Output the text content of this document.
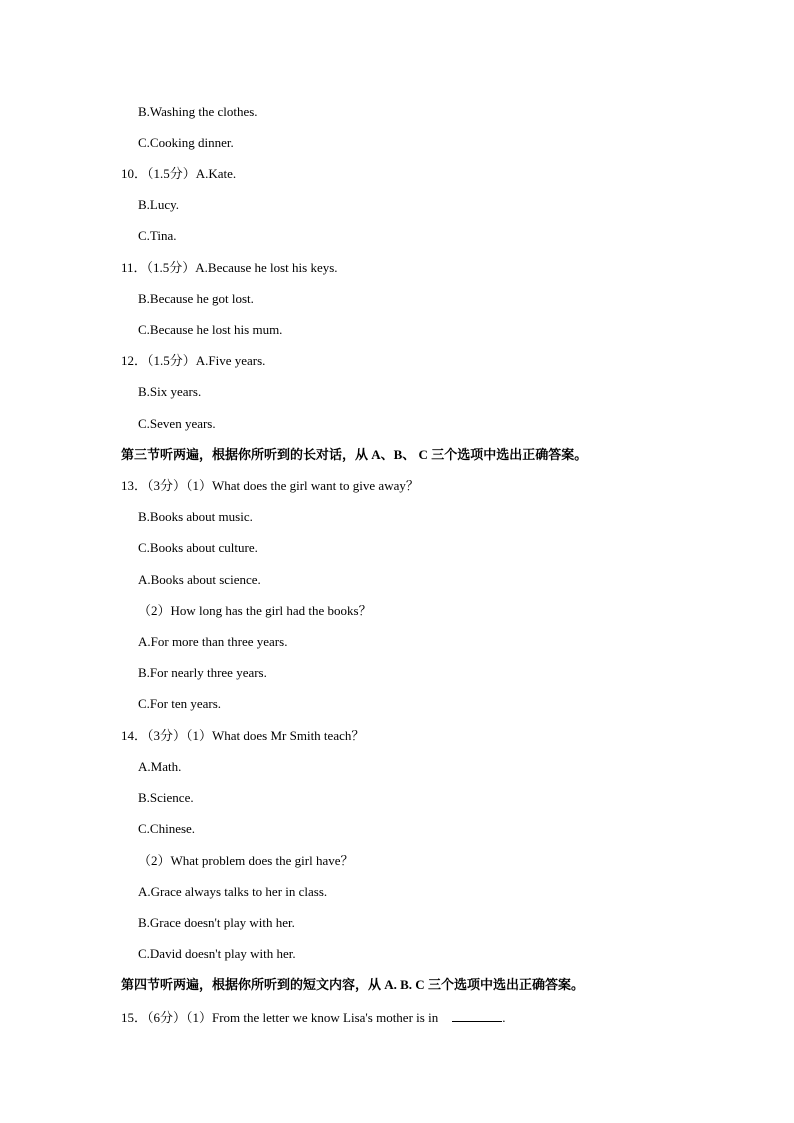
B.Washing the clothes.
C.Cooking dinner.
10．（1.5分）A.Kate.
B.Lucy.
C.Tina.
11．（1.5分）A.Because he lost his keys.
B.Because he got lost.
C.Because he lost his mum.
12．（1.5分）A.Five years.
B.Six years.
C.Seven years.
第三节听两遍，根据你所听到的长对话，从 A、B、 C 三个选项中选出正确答案。
13．（3分）（1）What does the girl want to give away？
B.Books about music.
C.Books about culture.
A.Books about science.
（2）How long has the girl had the books？
A.For more than three years.
B.For nearly three years.
C.For ten years.
14．（3分）（1）What does Mr Smith teach？
A.Math.
B.Science.
C.Chinese.
（2）What problem does the girl have？
A.Grace always talks to her in class.
B.Grace doesn't play with her.
C.David doesn't play with her.
第四节听两遍，根据你所听到的短文内容，从 A. B. C 三个选项中选出正确答案。
15．（6分）（1）From the letter we know Lisa's mother is in	.
